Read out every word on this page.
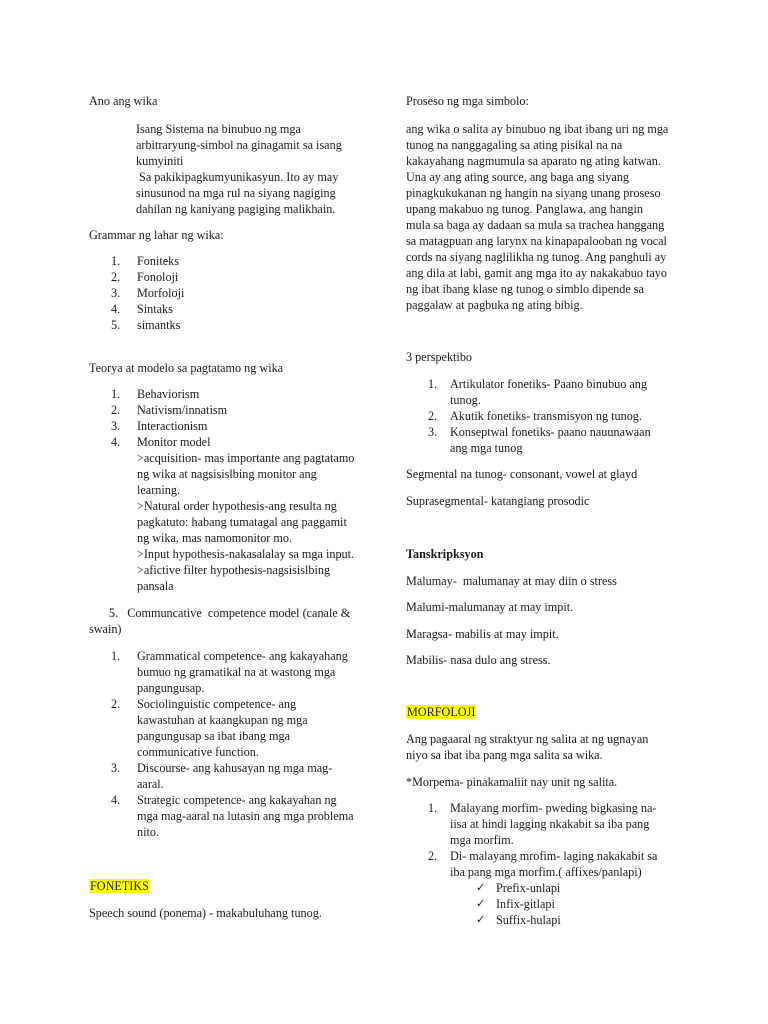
Ano ang wika

Isang Sistema na binubuo ng mga
arbitraryung-simbol na ginagamit sa isang
kumyiniti
Sa pakikipagkumyunikasyun. Ito ay may
sinusunod na mga rul na siyang nagiging
dahilan ng kaniyang pagiging malikhain.

Grammar ng lahar ng wika:

1. Foniteks
2. Fonoloji
3. Morfoloji
4. Sintaks
5. simantks

Teorya at modelo sa pagtatamo ng wika

1. Behaviorism
2. Nativism/innatism
3. Interactionism
4. Monitor model
>acquisition- mas importante ang pagtatamo
ng wika at nagsisislbing monitor ang
learning.
>Natural order hypothesis-ang resulta ng
pagkatuto: habang tumatagal ang paggamit
ng wika, mas namomonitor mo.
>Input hypothesis-nakasalalay sa mga input.
>afictive filter hypothesis-nagsisislbing
pansala
5.   Communcative  competence model (canale &
swain)
1. Grammatical competence- ang kakayahang
bumuo ng gramatikal na at wastong mga
pangungusap.
2. Sociolinguistic competence- ang
kawastuhan at kaangkupan ng mga
pangungusap sa ibat ibang mga
communicative function.
3. Discourse- ang kahusayan ng mga mag-
aaral.
4. Strategic competence- ang kakayahan ng
mga mag-aaral na lutasin ang mga problema
nito.

FONETIKS

Speech sound (ponema) - makabuluhang tunog.

Proseso ng mga simbolo:

ang wika o salita ay binubuo ng ibat ibang uri ng mga
tunog na nanggagaling sa ating pisikal na na
kakayahang nagmumula sa aparato ng ating katwan.
Una ay ang ating source, ang baga ang siyang
pinagkukukanan ng hangin na siyang unang proseso
upang makabuo ng tunog. Panglawa, ang hangin
mula sa baga ay dadaan sa mula sa trachea hanggang
sa matagpuan ang larynx na kinapapalooban ng vocal
cords na siyang naglilikha ng tunog. Ang panghuli ay
ang dila at labi, gamit ang mga ito ay nakakabuo tayo
ng ibat ibang klase ng tunog o simblo dipende sa
paggalaw at pagbuka ng ating bibig.

3 perspektibo

1. Artikulator fonetiks- Paano binubuo ang
tunog.
2. Akutik fonetiks- transmisyon ng tunog.
3. Konseptwal fonetiks- paano nauunawaan
ang mga tunog

Segmental na tunog- consonant, vowel at glayd

Suprasegmental- katangiang prosodic

Tanskripksyon

Malumay-  malumanay at may diin o stress

Malumi-malumanay at may impit.

Maragsa- mabilis at may impit.

Mabilis- nasa dulo ang stress.

MORFOLOJI

Ang pagaaral ng straktyur ng salita at ng ugnayan
niyo sa ibat iba pang mga salita sa wika.

*Morpema- pinakamaliit nay unit ng salita.

1. Malayang morfim- pweding bigkasing na-
iisa at hindi lagging nkakabit sa iba pang
mga morfim.
2. Di- malayang mrofim- laging nakakabit sa
iba pang mga morfim.( affixes/panlapi)
✓ Prefix-unlapi
✓ Infix-gitlapi
✓ Suffix-hulapi
